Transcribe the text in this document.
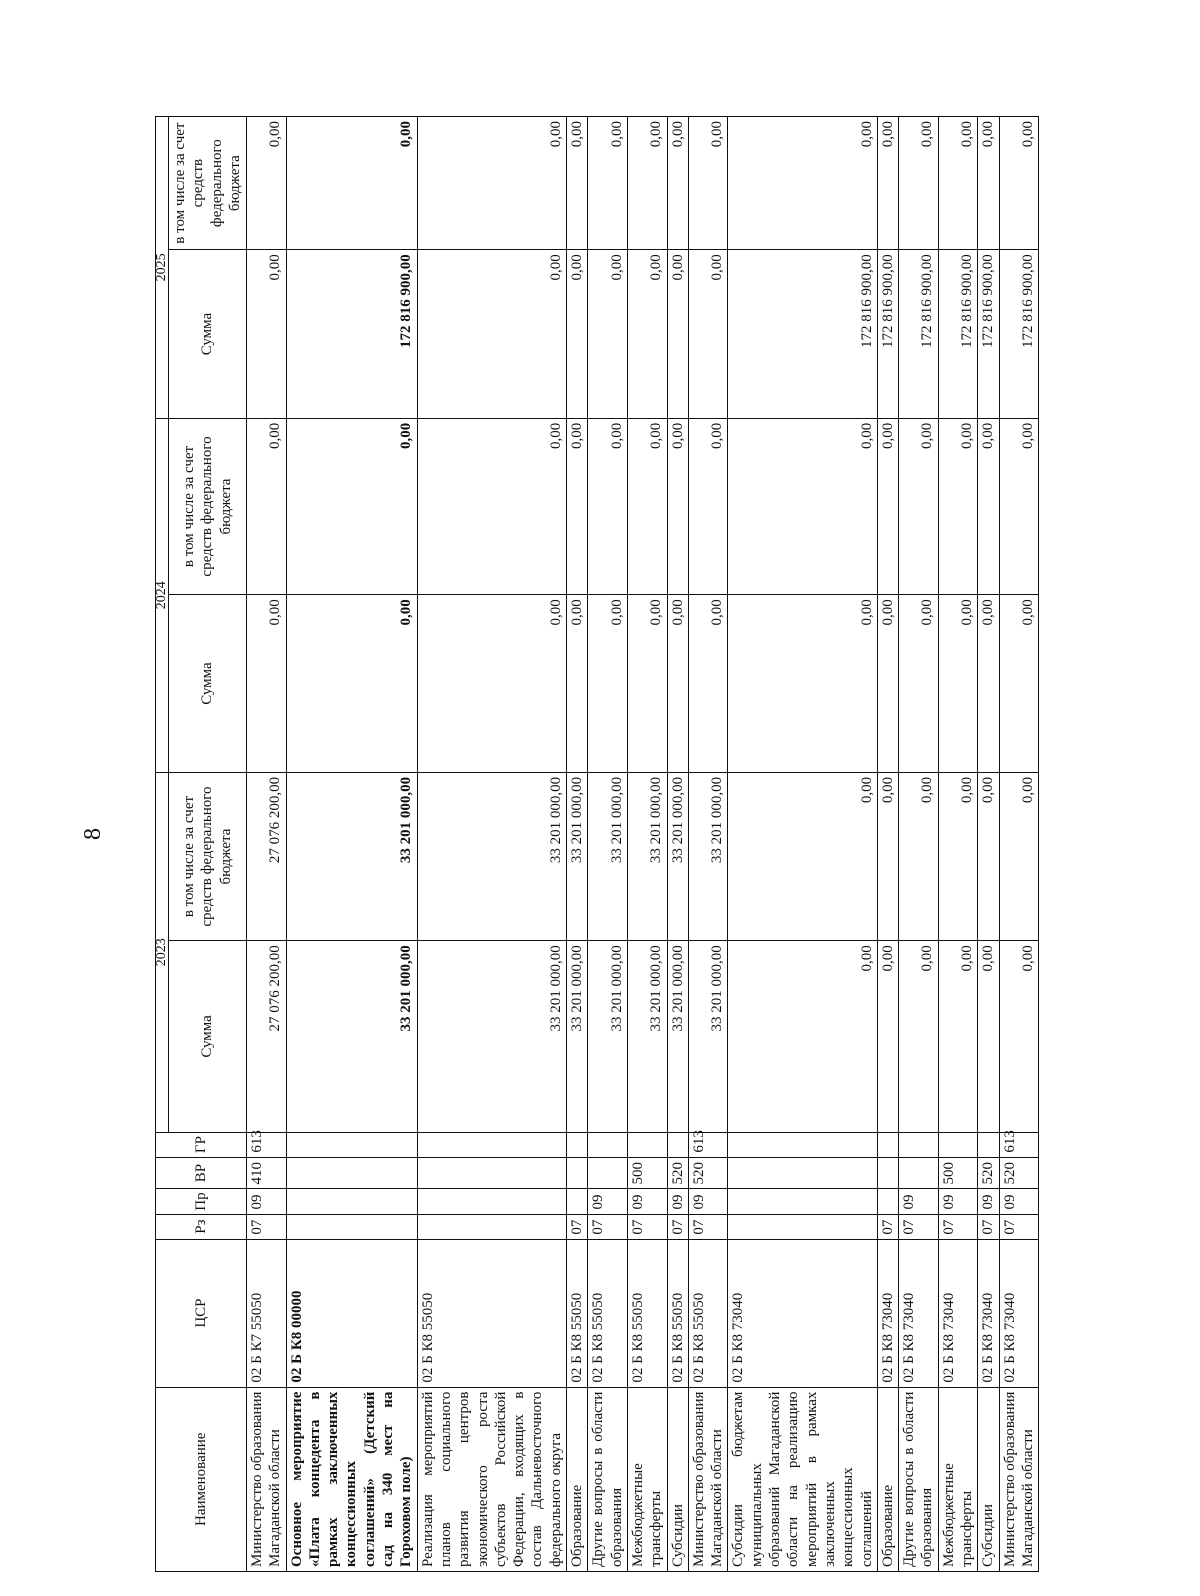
8
Наименование	ЦСР	Рз	Пр	ВР	ГР	2023		2024		2025	
						Сумма	в том числе за счет средств федерального бюджета	Сумма	в том числе за счет средств федерального бюджета	Сумма	в том числе за счет средств федерального бюджета
Министерство образования Магаданской области	02 Б К7 55050	07	09	410	613	27 076 200,00	27 076 200,00	0,00	0,00	0,00	0,00
Основное мероприятие «Плата концедента в рамках заключенных концессионных соглашений» (Детский сад на 340 мест на Гороховом поле)	02 Б К8 00000					33 201 000,00	33 201 000,00	0,00	0,00	172 816 900,00	0,00
Реализация мероприятий планов социального развития центров экономического роста субъектов Российской Федерации, входящих в состав Дальневосточного федерального округа	02 Б К8 55050					33 201 000,00	33 201 000,00	0,00	0,00	0,00	0,00
Образование	02 Б К8 55050	07				33 201 000,00	33 201 000,00	0,00	0,00	0,00	0,00
Другие вопросы в области образования	02 Б К8 55050	07	09			33 201 000,00	33 201 000,00	0,00	0,00	0,00	0,00
Межбюджетные трансферты	02 Б К8 55050	07	09	500		33 201 000,00	33 201 000,00	0,00	0,00	0,00	0,00
Субсидии	02 Б К8 55050	07	09	520		33 201 000,00	33 201 000,00	0,00	0,00	0,00	0,00
Министерство образования Магаданской области	02 Б К8 55050	07	09	520	613	33 201 000,00	33 201 000,00	0,00	0,00	0,00	0,00
Субсидии бюджетам муниципальных образований Магаданской области на реализацию мероприятий в рамках заключенных концессионных соглашений	02 Б К8 73040					0,00	0,00	0,00	0,00	172 816 900,00	0,00
Образование	02 Б К8 73040	07				0,00	0,00	0,00	0,00	172 816 900,00	0,00
Другие вопросы в области образования	02 Б К8 73040	07	09			0,00	0,00	0,00	0,00	172 816 900,00	0,00
Межбюджетные трансферты	02 Б К8 73040	07	09	500		0,00	0,00	0,00	0,00	172 816 900,00	0,00
Субсидии	02 Б К8 73040	07	09	520		0,00	0,00	0,00	0,00	172 816 900,00	0,00
Министерство образования Магаданской области	02 Б К8 73040	07	09	520	613	0,00	0,00	0,00	0,00	172 816 900,00	0,00
